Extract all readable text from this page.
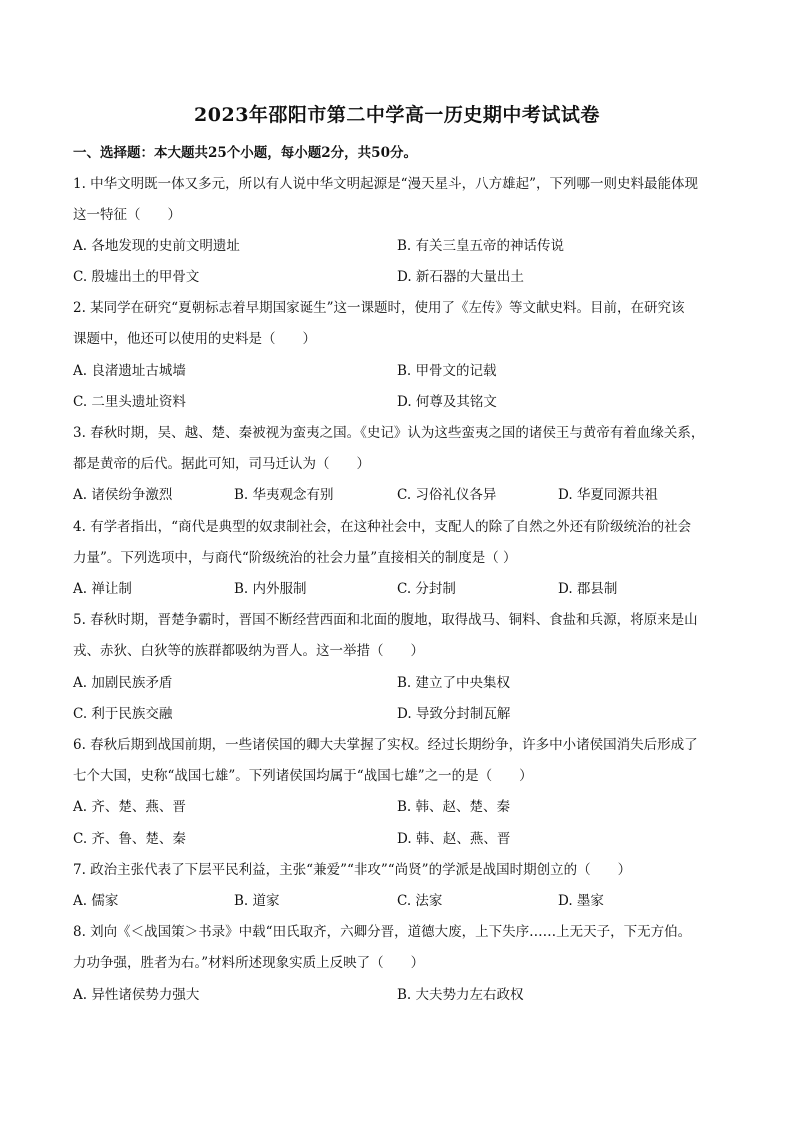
2023年邵阳市第二中学高一历史期中考试试卷
一、选择题：本大题共25个小题，每小题2分，共50分。
1. 中华文明既一体又多元，所以有人说中华文明起源是“漫天星斗，八方雄起”，下列哪一则史料最能体现
这一特征（　　）
A. 各地发现的史前文明遗址	B. 有关三皇五帝的神话传说
C. 殷墟出土的甲骨文	D. 新石器的大量出土
2. 某同学在研究“夏朝标志着早期国家诞生”这一课题时，使用了《左传》等文献史料。目前，在研究该
课题中，他还可以使用的史料是（　　）
A. 良渚遗址古城墙	B. 甲骨文的记载
C. 二里头遗址资料	D. 何尊及其铭文
3. 春秋时期，吴、越、楚、秦被视为蛮夷之国。《史记》认为这些蛮夷之国的诸侯王与黄帝有着血缘关系，
都是黄帝的后代。据此可知，司马迁认为（　　）
A. 诸侯纷争激烈	B. 华夷观念有别	C. 习俗礼仪各异	D. 华夏同源共祖
4. 有学者指出，“商代是典型的奴隶制社会，在这种社会中，支配人的除了自然之外还有阶级统治的社会
力量”。下列选项中，与商代“阶级统治的社会力量”直接相关的制度是（ ）
A. 禅让制	B. 内外服制	C. 分封制	D. 郡县制
5. 春秋时期，晋楚争霸时，晋国不断经营西面和北面的腹地，取得战马、铜料、食盐和兵源，将原来是山
戎、赤狄、白狄等的族群都吸纳为晋人。这一举措（　　）
A. 加剧民族矛盾	B. 建立了中央集权
C. 利于民族交融	D. 导致分封制瓦解
6. 春秋后期到战国前期，一些诸侯国的卿大夫掌握了实权。经过长期纷争，许多中小诸侯国消失后形成了
七个大国，史称“战国七雄”。下列诸侯国均属于“战国七雄”之一的是（　　）
A. 齐、楚、燕、晋	B. 韩、赵、楚、秦
C. 齐、鲁、楚、秦	D. 韩、赵、燕、晋
7. 政治主张代表了下层平民利益，主张“兼爱”“非攻”“尚贤”的学派是战国时期创立的（　　）
A. 儒家	B. 道家	C. 法家	D. 墨家
8. 刘向《＜战国策＞书录》中载“田氏取齐，六卿分晋，道德大废，上下失序……上无天子，下无方伯。
力功争强，胜者为右。”材料所述现象实质上反映了（　　）
A. 异性诸侯势力强大	B. 大夫势力左右政权
